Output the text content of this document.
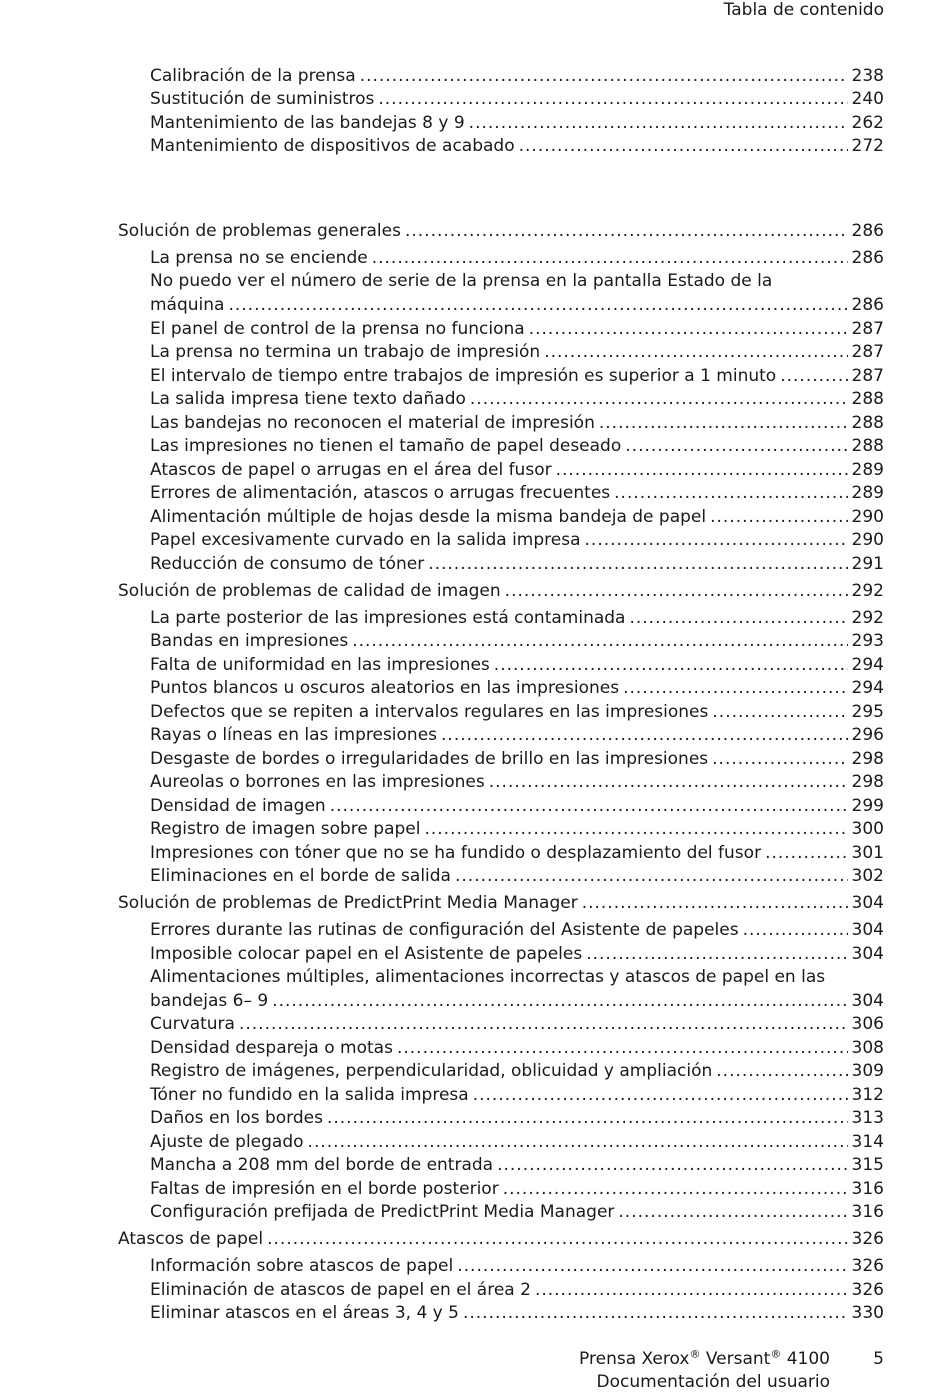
Tabla de contenido
Calibración de la prensa .....	238
Sustitución de suministros .....	240
Mantenimiento de las bandejas 8 y 9 .....	262
Mantenimiento de dispositivos de acabado .....	272
Solución de problemas generales .....	286
La prensa no se enciende .....	286
No puedo ver el número de serie de la prensa en la pantalla Estado de la
máquina .....	286
El panel de control de la prensa no funciona .....	287
La prensa no termina un trabajo de impresión .....	287
El intervalo de tiempo entre trabajos de impresión es superior a 1 minuto .....	287
La salida impresa tiene texto dañado .....	288
Las bandejas no reconocen el material de impresión .....	288
Las impresiones no tienen el tamaño de papel deseado .....	288
Atascos de papel o arrugas en el área del fusor .....	289
Errores de alimentación, atascos o arrugas frecuentes .....	289
Alimentación múltiple de hojas desde la misma bandeja de papel .....	290
Papel excesivamente curvado en la salida impresa .....	290
Reducción de consumo de tóner .....	291
Solución de problemas de calidad de imagen .....	292
La parte posterior de las impresiones está contaminada .....	292
Bandas en impresiones .....	293
Falta de uniformidad en las impresiones .....	294
Puntos blancos u oscuros aleatorios en las impresiones .....	294
Defectos que se repiten a intervalos regulares en las impresiones .....	295
Rayas o líneas en las impresiones .....	296
Desgaste de bordes o irregularidades de brillo en las impresiones .....	298
Aureolas o borrones en las impresiones .....	298
Densidad de imagen .....	299
Registro de imagen sobre papel .....	300
Impresiones con tóner que no se ha fundido o desplazamiento del fusor .....	301
Eliminaciones en el borde de salida .....	302
Solución de problemas de PredictPrint Media Manager .....	304
Errores durante las rutinas de configuración del Asistente de papeles .....	304
Imposible colocar papel en el Asistente de papeles .....	304
Alimentaciones múltiples, alimentaciones incorrectas y atascos de papel en las
bandejas 6– 9 .....	304
Curvatura .....	306
Densidad despareja o motas .....	308
Registro de imágenes, perpendicularidad, oblicuidad y ampliación .....	309
Tóner no fundido en la salida impresa .....	312
Daños en los bordes .....	313
Ajuste de plegado .....	314
Mancha a 208 mm del borde de entrada .....	315
Faltas de impresión en el borde posterior .....	316
Configuración prefijada de PredictPrint Media Manager .....	316
Atascos de papel .....	326
Información sobre atascos de papel .....	326
Eliminación de atascos de papel en el área 2 .....	326
Eliminar atascos en el áreas 3, 4 y 5 .....	330
Prensa Xerox® Versant® 4100
Documentación del usuario
5
